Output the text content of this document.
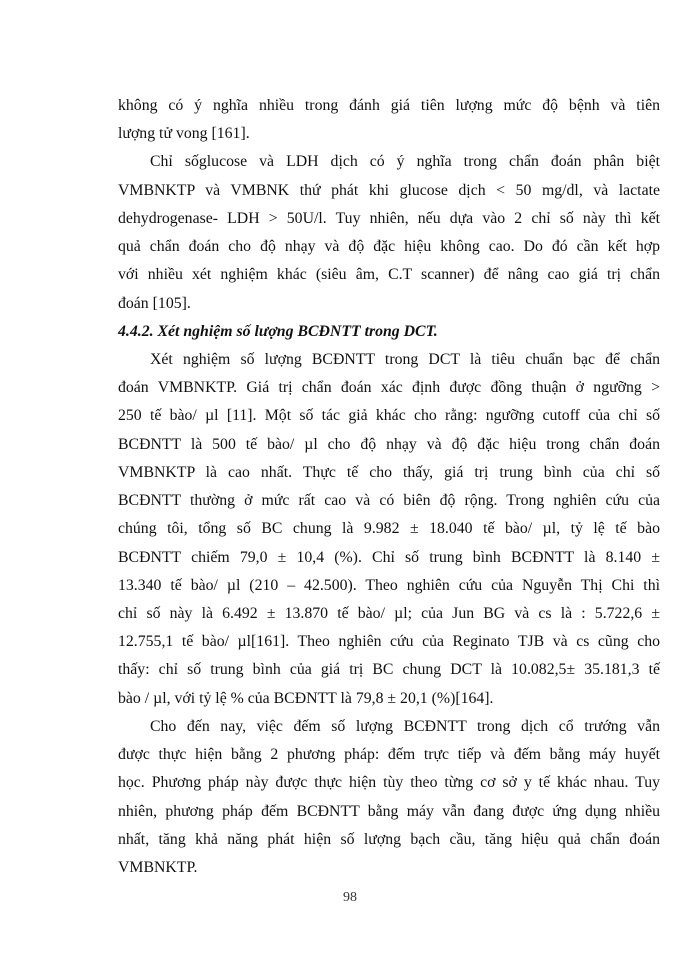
không có ý nghĩa nhiều trong đánh giá tiên lượng mức độ bệnh và tiên
lượng tử vong [161].
Chỉ sốglucose và LDH dịch có ý nghĩa trong chẩn đoán phân biệt
VMBNKTP và VMBNK thứ phát khi glucose dịch < 50 mg/dl, và lactate
dehydrogenase- LDH > 50U/l. Tuy nhiên, nếu dựa vào 2 chỉ số này thì kết
quả chẩn đoán cho độ nhạy và độ đặc hiệu không cao. Do đó cần kết hợp
với nhiều xét nghiệm khác (siêu âm, C.T scanner) để nâng cao giá trị chẩn
đoán [105].
4.4.2. Xét nghiệm số lượng BCĐNTT trong DCT.
Xét nghiệm số lượng BCĐNTT trong DCT là tiêu chuẩn bạc để chẩn
đoán VMBNKTP. Giá trị chẩn đoán xác định được đồng thuận ở ngưỡng >
250 tế bào/ µl [11]. Một số tác giả khác cho rằng: ngưỡng cutoff của chỉ số
BCĐNTT là 500 tế bào/ µl cho độ nhạy và độ đặc hiệu trong chẩn đoán
VMBNKTP là cao nhất. Thực tế cho thấy, giá trị trung bình của chỉ số
BCĐNTT thường ở mức rất cao và có biên độ rộng. Trong nghiên cứu của
chúng tôi, tổng số BC chung là 9.982 ± 18.040 tế bào/ µl, tỷ lệ tế bào
BCĐNTT chiếm 79,0 ± 10,4 (%). Chỉ số trung bình BCĐNTT là 8.140 ±
13.340 tế bào/ µl (210 – 42.500). Theo nghiên cứu của Nguyễn Thị Chi thì
chỉ số này là 6.492 ± 13.870 tế bào/ µl; của Jun BG và cs là : 5.722,6 ±
12.755,1 tế bào/ µl[161]. Theo nghiên cứu của Reginato TJB và cs cũng cho
thấy: chỉ số trung bình của giá trị BC chung DCT là 10.082,5± 35.181,3 tế
bào / µl, với tỷ lệ % của BCĐNTT là 79,8 ± 20,1 (%)[164].
Cho đến nay, việc đếm số lượng BCĐNTT trong dịch cổ trướng vẫn
được thực hiện bằng 2 phương pháp: đếm trực tiếp và đếm bằng máy huyết
học. Phương pháp này được thực hiện tùy theo từng cơ sở y tế khác nhau. Tuy
nhiên, phương pháp đếm BCĐNTT bằng máy vẫn đang được ứng dụng nhiều
nhất, tăng khả năng phát hiện số lượng bạch cầu, tăng hiệu quả chẩn đoán
VMBNKTP.
98
